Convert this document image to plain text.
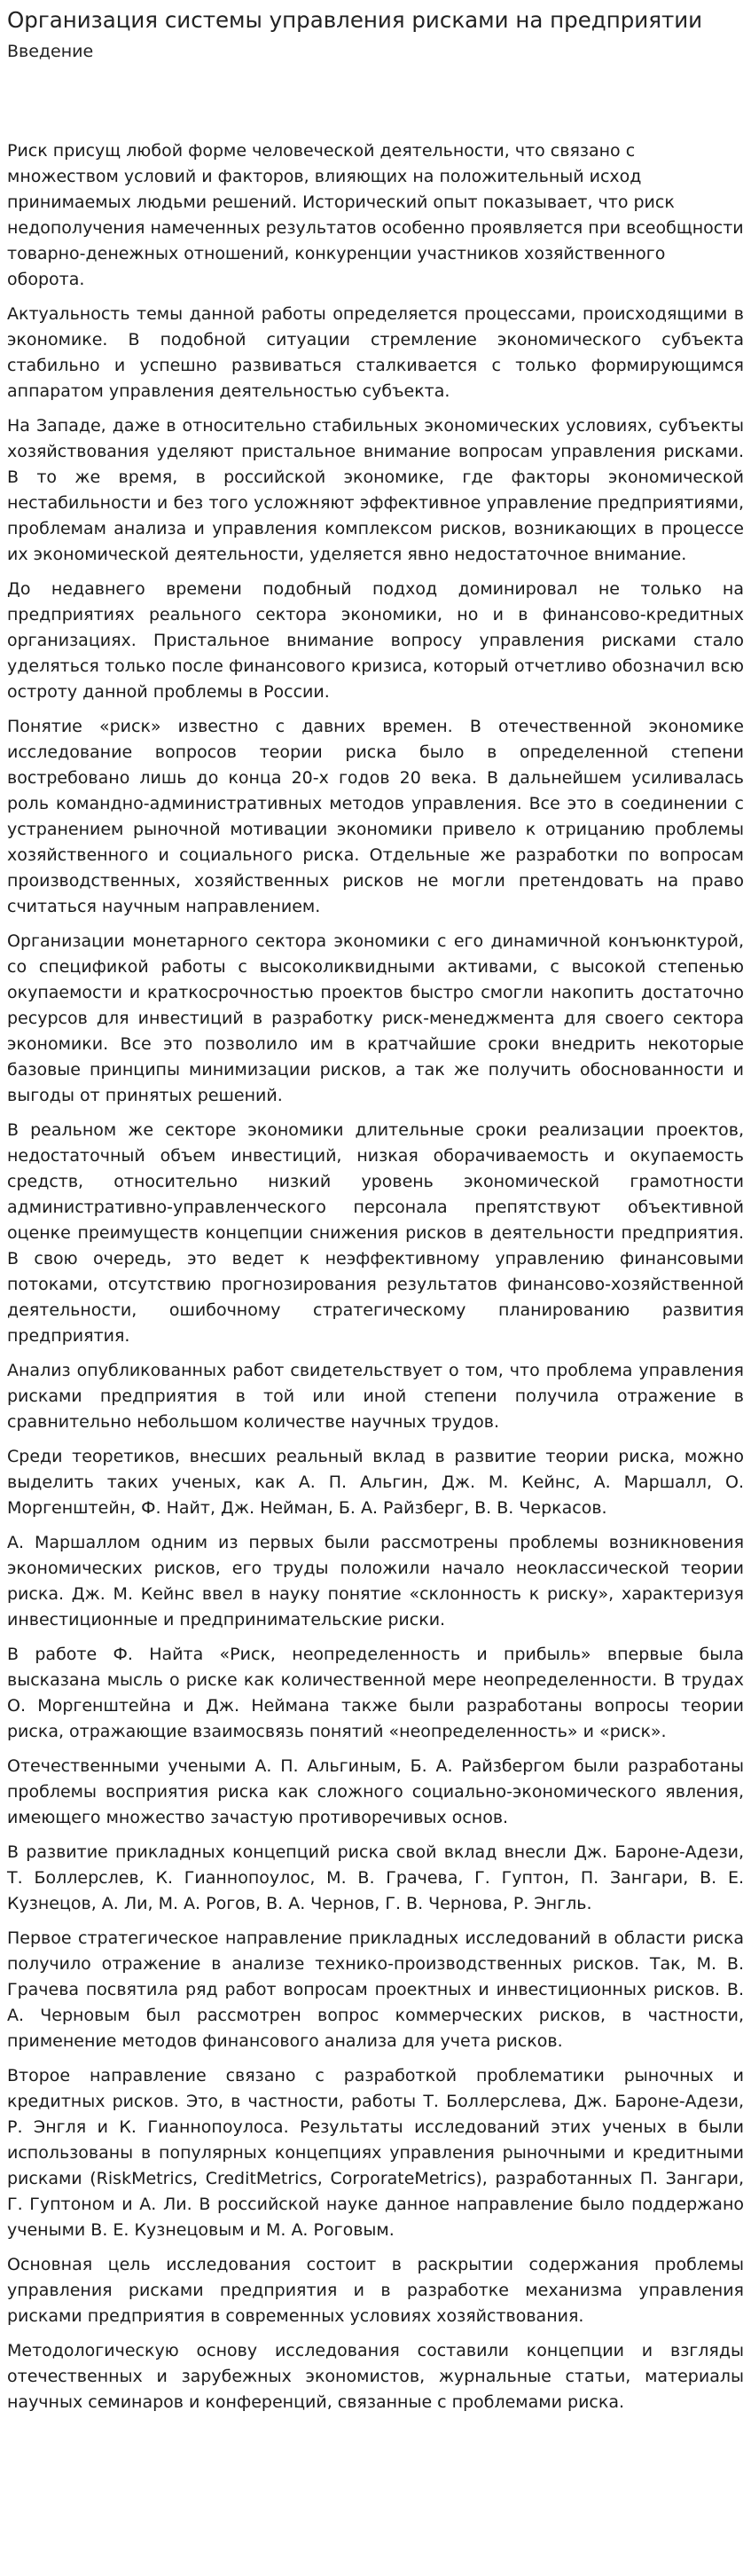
Организация системы управления рисками на предприятии
Введение

Риск присущ любой форме человеческой деятельности, что связано с множеством условий и факторов, влияющих на положительный исход принимаемых людьми решений. Исторический опыт показывает, что риск недополучения намеченных результатов особенно проявляется при всеобщности товарно-денежных отношений, конкуренции участников хозяйственного оборота.

Актуальность темы данной работы определяется процессами, происходящими в экономике. В подобной ситуации стремление экономического субъекта стабильно и успешно развиваться сталкивается с только формирующимся аппаратом управления деятельностью субъекта.

На Западе, даже в относительно стабильных экономических условиях, субъекты хозяйствования уделяют пристальное внимание вопросам управления рисками. В то же время, в российской экономике, где факторы экономической нестабильности и без того усложняют эффективное управление предприятиями, проблемам анализа и управления комплексом рисков, возникающих в процессе их экономической деятельности, уделяется явно недостаточное внимание.

До недавнего времени подобный подход доминировал не только на предприятиях реального сектора экономики, но и в финансово-кредитных организациях. Пристальное внимание вопросу управления рисками стало уделяться только после финансового кризиса, который отчетливо обозначил всю остроту данной проблемы в России.

Понятие «риск» известно с давних времен. В отечественной экономике исследование вопросов теории риска было в определенной степени востребовано лишь до конца 20-х годов 20 века. В дальнейшем усиливалась роль командно-административных методов управления. Все это в соединении с устранением рыночной мотивации экономики привело к отрицанию проблемы хозяйственного и социального риска. Отдельные же разработки по вопросам производственных, хозяйственных рисков не могли претендовать на право считаться научным направлением.

Организации монетарного сектора экономики с его динамичной конъюнктурой, со спецификой работы с высоколиквидными активами, с высокой степенью окупаемости и краткосрочностью проектов быстро смогли накопить достаточно ресурсов для инвестиций в разработку риск-менеджмента для своего сектора экономики. Все это позволило им в кратчайшие сроки внедрить некоторые базовые принципы минимизации рисков, а так же получить обоснованности и выгоды от принятых решений.

В реальном же секторе экономики длительные сроки реализации проектов, недостаточный объем инвестиций, низкая оборачиваемость и окупаемость средств, относительно низкий уровень экономической грамотности административно-управленческого персонала препятствуют объективной оценке преимуществ концепции снижения рисков в деятельности предприятия. В свою очередь, это ведет к неэффективному управлению финансовыми потоками, отсутствию прогнозирования результатов финансово-хозяйственной деятельности, ошибочному стратегическому планированию развития предприятия.

Анализ опубликованных работ свидетельствует о том, что проблема управления рисками предприятия в той или иной степени получила отражение в сравнительно небольшом количестве научных трудов.

Среди теоретиков, внесших реальный вклад в развитие теории риска, можно выделить таких ученых, как А. П. Альгин, Дж. М. Кейнс, А. Маршалл, О. Моргенштейн, Ф. Найт, Дж. Нейман, Б. А. Райзберг, В. В. Черкасов.

А. Маршаллом одним из первых были рассмотрены проблемы возникновения экономических рисков, его труды положили начало неоклассической теории риска. Дж. М. Кейнс ввел в науку понятие «склонность к риску», характеризуя инвестиционные и предпринимательские риски.

В работе Ф. Найта «Риск, неопределенность и прибыль» впервые была высказана мысль о риске как количественной мере неопределенности. В трудах О. Моргенштейна и Дж. Неймана также были разработаны вопросы теории риска, отражающие взаимосвязь понятий «неопределенность» и «риск».

Отечественными учеными А. П. Альгиным, Б. А. Райзбергом были разработаны проблемы восприятия риска как сложного социально-экономического явления, имеющего множество зачастую противоречивых основ.

В развитие прикладных концепций риска свой вклад внесли Дж. Бароне-Адези, Т. Боллерслев, К. Гианнопоулос, М. В. Грачева, Г. Гуптон, П. Зангари, В. Е. Кузнецов, А. Ли, М. А. Рогов, В. А. Чернов, Г. В. Чернова, Р. Энгль.

Первое стратегическое направление прикладных исследований в области риска получило отражение в анализе технико-производственных рисков. Так, М. В. Грачева посвятила ряд работ вопросам проектных и инвестиционных рисков. В. А. Черновым был рассмотрен вопрос коммерческих рисков, в частности, применение методов финансового анализа для учета рисков.

Второе направление связано с разработкой проблематики рыночных и кредитных рисков. Это, в частности, работы Т. Боллерслева, Дж. Бароне-Адези, Р. Энгля и К. Гианнопоулоса. Результаты исследований этих ученых в были использованы в популярных концепциях управления рыночными и кредитными рисками (RiskMetrics, CreditMetrics, CorporateMetrics), разработанных П. Зангари, Г. Гуптоном и А. Ли. В российской науке данное направление было поддержано учеными В. Е. Кузнецовым и М. А. Роговым.

Основная цель исследования состоит в раскрытии содержания проблемы управления рисками предприятия и в разработке механизма управления рисками предприятия в современных условиях хозяйствования.

Методологическую основу исследования составили концепции и взгляды отечественных и зарубежных экономистов, журнальные статьи, материалы научных семинаров и конференций, связанные с проблемами риска.
